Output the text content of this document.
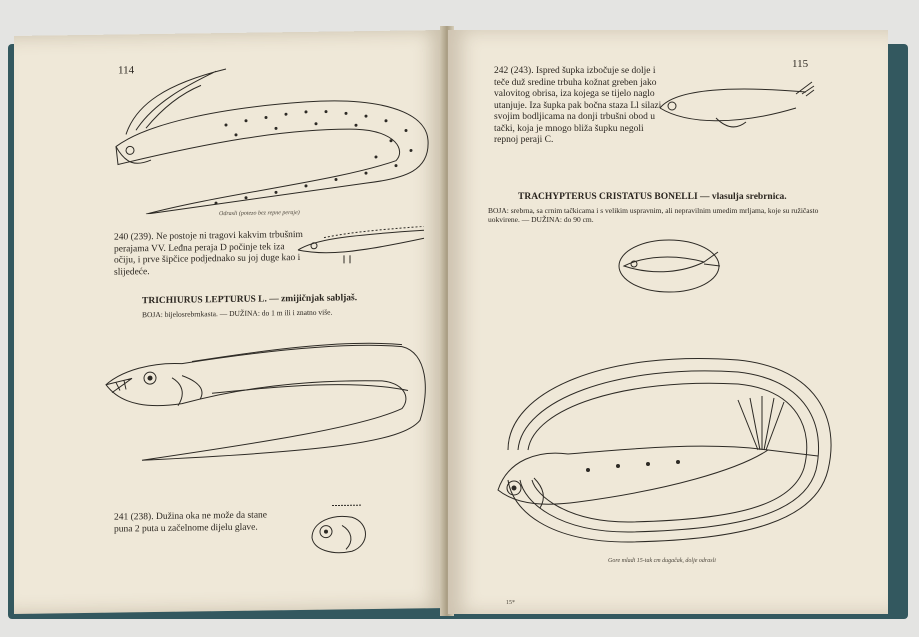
114
Odrasli (potezo bez repne peraje)
240 (239). Ne postoje ni tragovi kakvim trbušnim perajama VV. Leđna peraja D počinje tek iza očiju, i prve šipčice podjednako su joj duge kao i slijedeće.
TRICHIURUS LEPTURUS L. — zmijičnjak sabljaš.
BOJA: bijelosrebrnkasta. — DUŽINA: do 1 m ili i znatno više.
241 (238). Dužina oka ne može da stane puna 2 puta u začelnome dijelu glave.
115
242 (243). Ispred šupka izbočuje se dolje i teče duž sredine trbuha kožnat greben jako valovitog obrisa, iza kojega se tijelo naglo utanjuje. Iza šupka pak bočna staza Ll silazi svojim bodljicama na donji trbušni obod u tački, koja je mnogo bliža šupku negoli repnoj peraji C.
TRACHYPTERUS CRISTATUS BONELLI — vlasulja srebrnica.
BOJA: srebrna, sa crnim tačkicama i s velikim uspravnim, ali nepravilnim umedim mrljama, koje su ružičasto uokvirene. — DUŽINA: do 90 cm.
Gore mladi 15-tak cm dugačak, dolje odrasli
15*
